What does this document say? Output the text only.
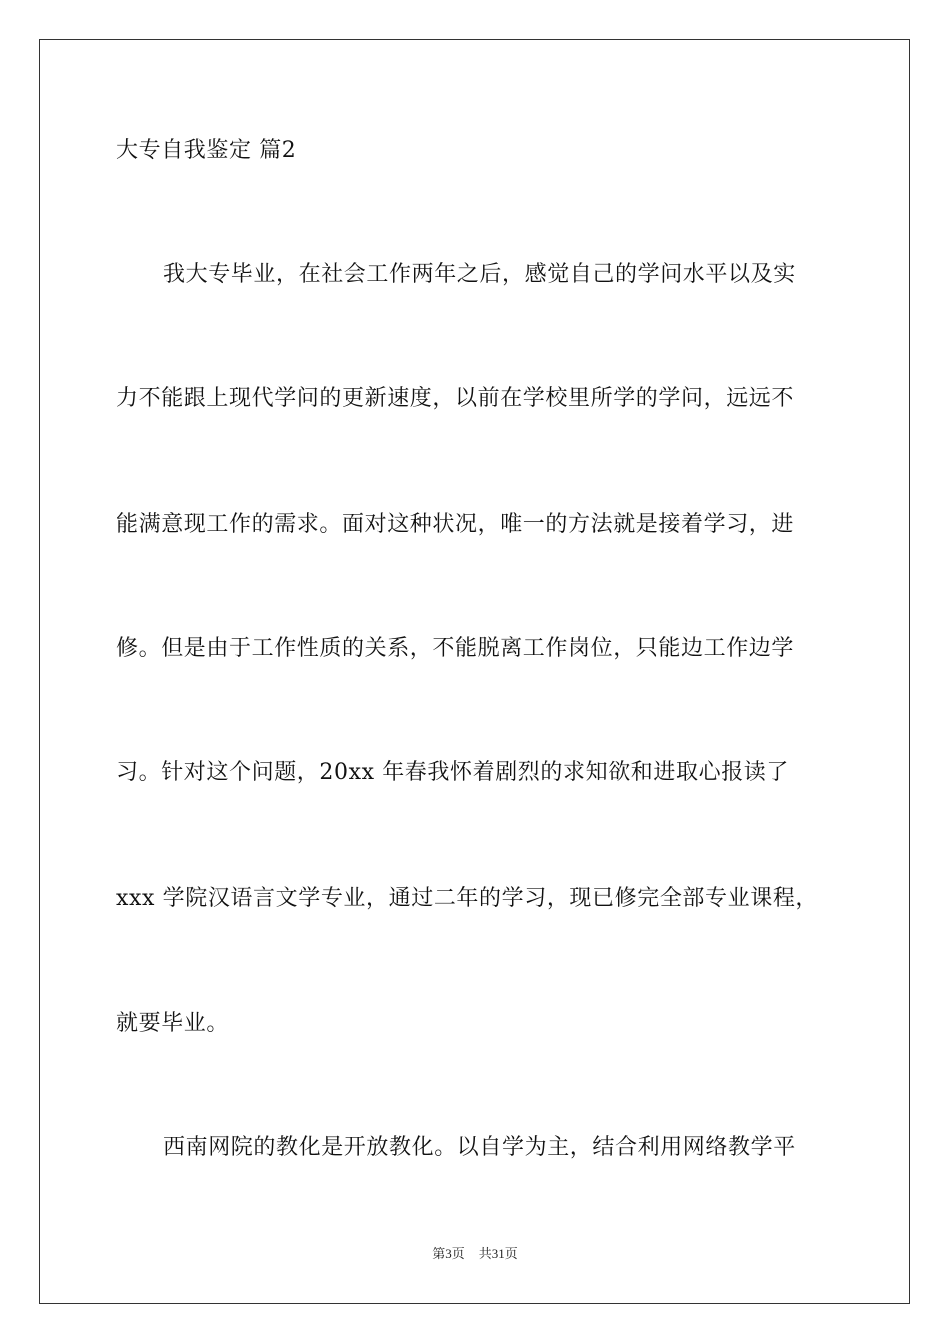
大专自我鉴定 篇2
我大专毕业，在社会工作两年之后，感觉自己的学问水平以及实
力不能跟上现代学问的更新速度，以前在学校里所学的学问，远远不
能满意现工作的需求。面对这种状况，唯一的方法就是接着学习，进
修。但是由于工作性质的关系，不能脱离工作岗位，只能边工作边学
习。针对这个问题，20xx 年春我怀着剧烈的求知欲和进取心报读了
xxx 学院汉语言文学专业，通过二年的学习，现已修完全部专业课程，
就要毕业。
西南网院的教化是开放教化。以自学为主，结合利用网络教学平
第3页 共31页
